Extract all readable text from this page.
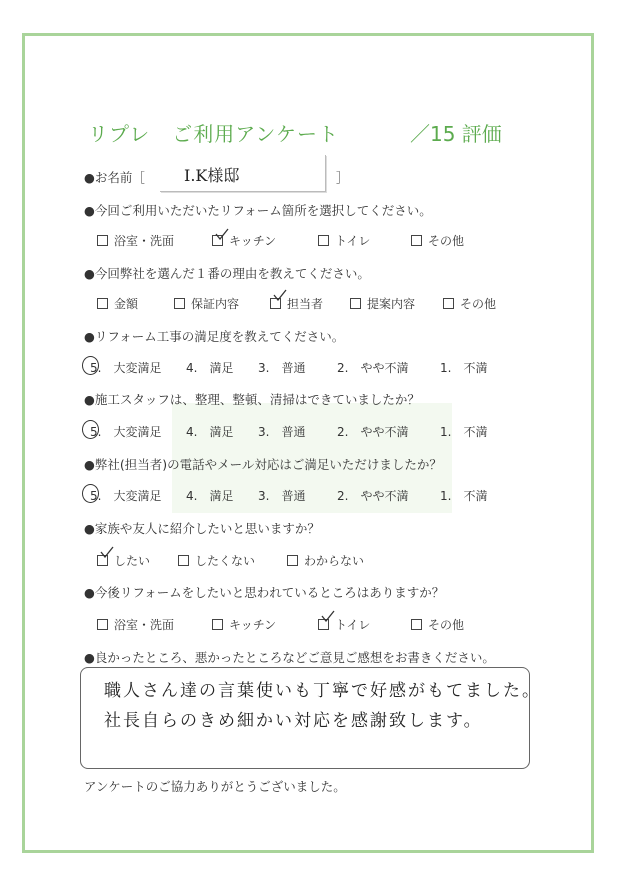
リプレ ご利用アンケート	／15 評価
●お名前［ I.K様邸	］
●今回ご利用いただいたリフォーム箇所を選択してください。
浴室・洗面	キッチン	トイレ	その他
●今回弊社を選んだ１番の理由を教えてください。
金額	保証内容	担当者	提案内容	その他
●リフォーム工事の満足度を教えてください。
5.　大変満足 4.　満足 3.　普通	2.　やや不満	1.　不満
●施工スタッフは、整理、整頓、清掃はできていましたか？
5.　大変満足 4.　満足 3.　普通	2.　やや不満	1.　不満
●弊社(担当者)の電話やメール対応はご満足いただけましたか？
5.　大変満足 4.　満足 3.　普通	2.　やや不満	1.　不満
●家族や友人に紹介したいと思いますか？
したい	したくない	わからない
●今後リフォームをしたいと思われているところはありますか？
浴室・洗面	キッチン	トイレ	その他
●良かったところ、悪かったところなどご意見ご感想をお書きください。
職人さん達の言葉使いも丁寧で好感がもてました。
社長自らのきめ細かい対応を感謝致します。
アンケートのご協力ありがとうございました。
